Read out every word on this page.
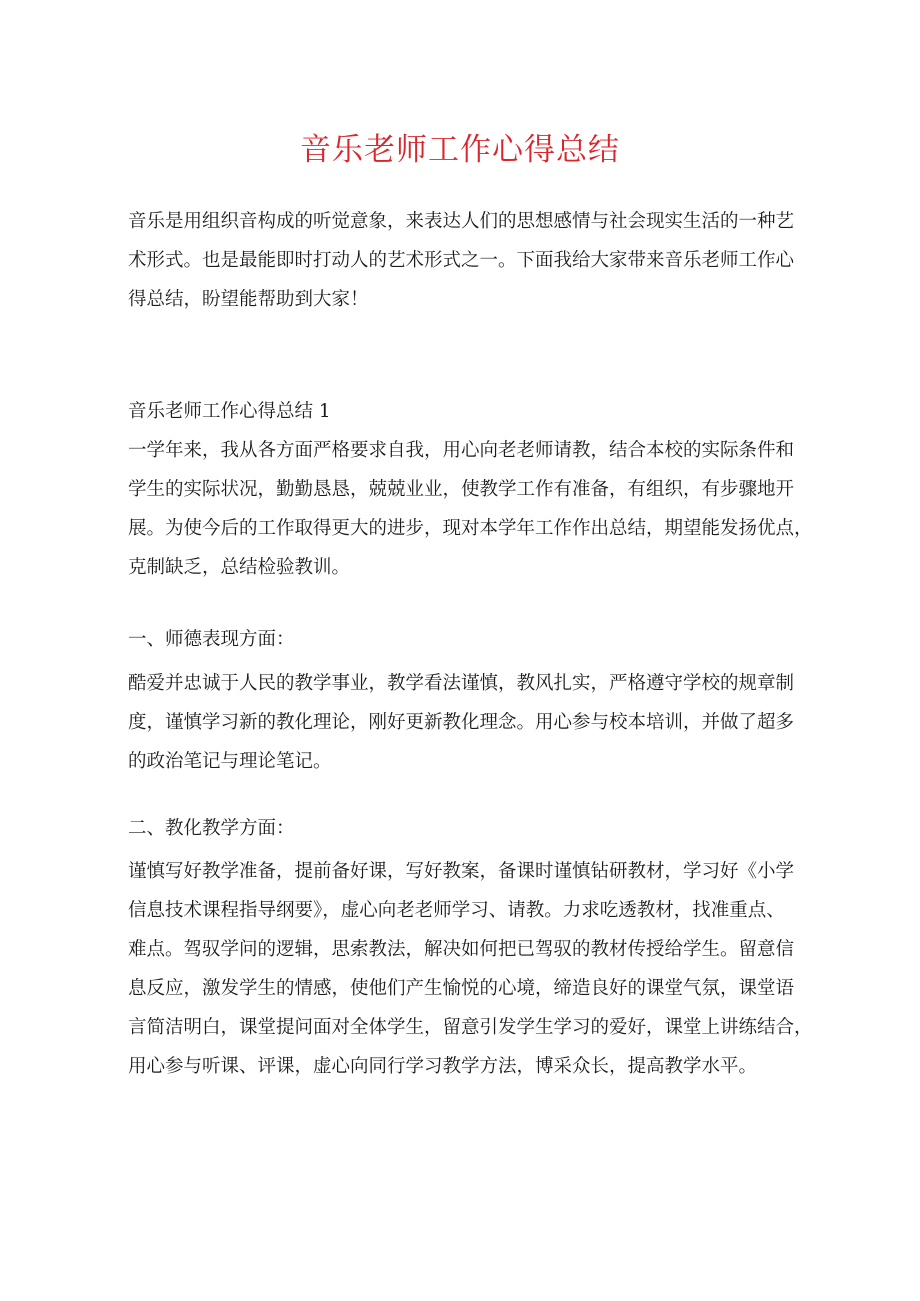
音乐老师工作心得总结
音乐是用组织音构成的听觉意象，来表达人们的思想感情与社会现实生活的一种艺
术形式。也是最能即时打动人的艺术形式之一。下面我给大家带来音乐老师工作心
得总结，盼望能帮助到大家！
音乐老师工作心得总结 1
一学年来，我从各方面严格要求自我，用心向老老师请教，结合本校的实际条件和
学生的实际状况，勤勤恳恳，兢兢业业，使教学工作有准备，有组织，有步骤地开
展。为使今后的工作取得更大的进步，现对本学年工作作出总结，期望能发扬优点，
克制缺乏，总结检验教训。
一、师德表现方面：
酷爱并忠诚于人民的教学事业，教学看法谨慎，教风扎实，严格遵守学校的规章制
度，谨慎学习新的教化理论，刚好更新教化理念。用心参与校本培训，并做了超多
的政治笔记与理论笔记。
二、教化教学方面：
谨慎写好教学准备，提前备好课，写好教案，备课时谨慎钻研教材，学习好《小学
信息技术课程指导纲要》，虚心向老老师学习、请教。力求吃透教材，找准重点、
难点。驾驭学问的逻辑，思索教法，解决如何把已驾驭的教材传授给学生。留意信
息反应，激发学生的情感，使他们产生愉悦的心境，缔造良好的课堂气氛，课堂语
言简洁明白，课堂提问面对全体学生，留意引发学生学习的爱好，课堂上讲练结合，
用心参与听课、评课，虚心向同行学习教学方法，博采众长，提高教学水平。
